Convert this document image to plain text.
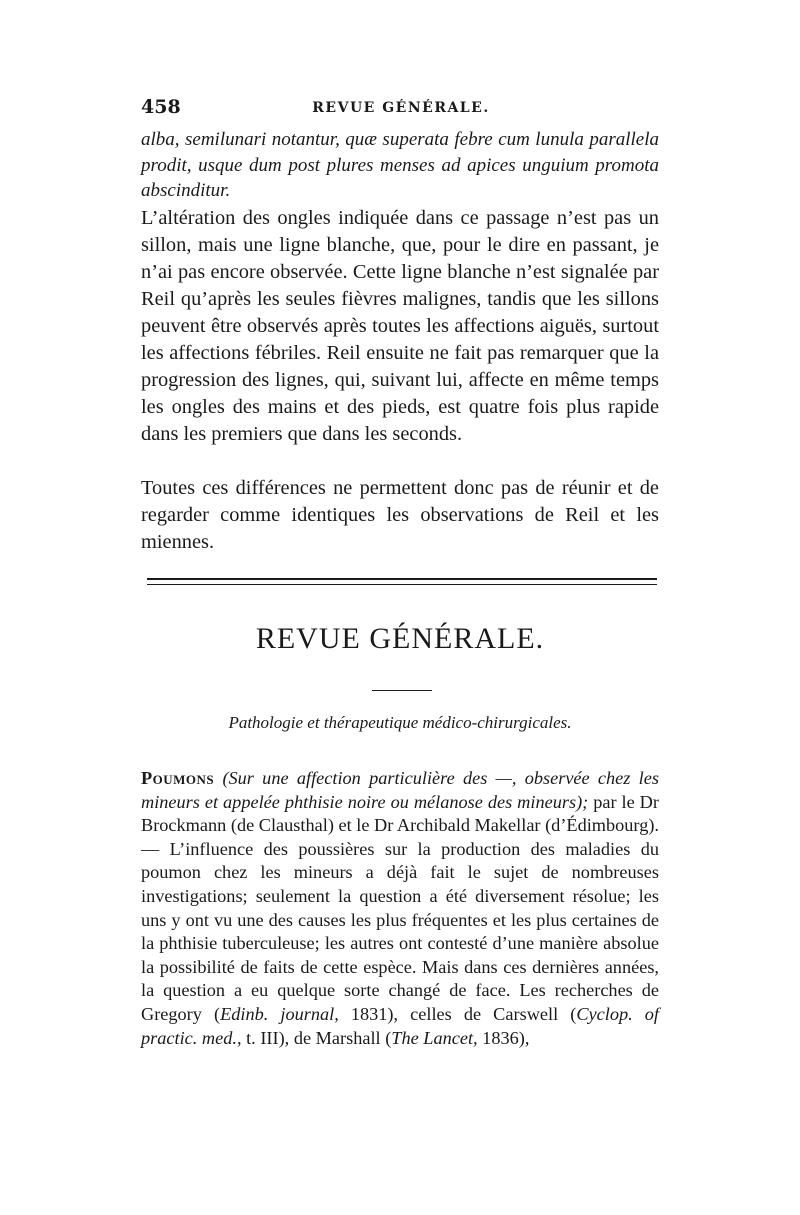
458	REVUE GÉNÉRALE.

alba, semilunari notantur, quæ superata febre cum lunula parallela prodit, usque dum post plures menses ad apices unguium promota abscinditur.

L’altération des ongles indiquée dans ce passage n’est pas un sillon, mais une ligne blanche, que, pour le dire en passant, je n’ai pas encore observée. Cette ligne blanche n’est signalée par Reil qu’après les seules fièvres malignes, tandis que les sillons peuvent être observés après toutes les affections aiguës, surtout les affections fébriles. Reil ensuite ne fait pas remarquer que la progression des lignes, qui, suivant lui, affecte en même temps les ongles des mains et des pieds, est quatre fois plus rapide dans les premiers que dans les seconds.

Toutes ces différences ne permettent donc pas de réunir et de regarder comme identiques les observations de Reil et les miennes.

REVUE GÉNÉRALE.
Pathologie et thérapeutique médico-chirurgicales.

Poumons (Sur une affection particulière des —, observée chez les mineurs et appelée phthisie noire ou mélanose des mineurs); par le Dr Brockmann (de Clausthal) et le Dr Archibald Makellar (d’Édimbourg). — L’influence des poussières sur la production des maladies du poumon chez les mineurs a déjà fait le sujet de nombreuses investigations; seulement la question a été diversement résolue; les uns y ont vu une des causes les plus fréquentes et les plus certaines de la phthisie tuberculeuse; les autres ont contesté d’une manière absolue la possibilité de faits de cette espèce. Mais dans ces dernières années, la question a eu quelque sorte changé de face. Les recherches de Gregory (Edinb. journal, 1831), celles de Carswell (Cyclop. of practic. med., t. III), de Marshall (The Lancet, 1836),
